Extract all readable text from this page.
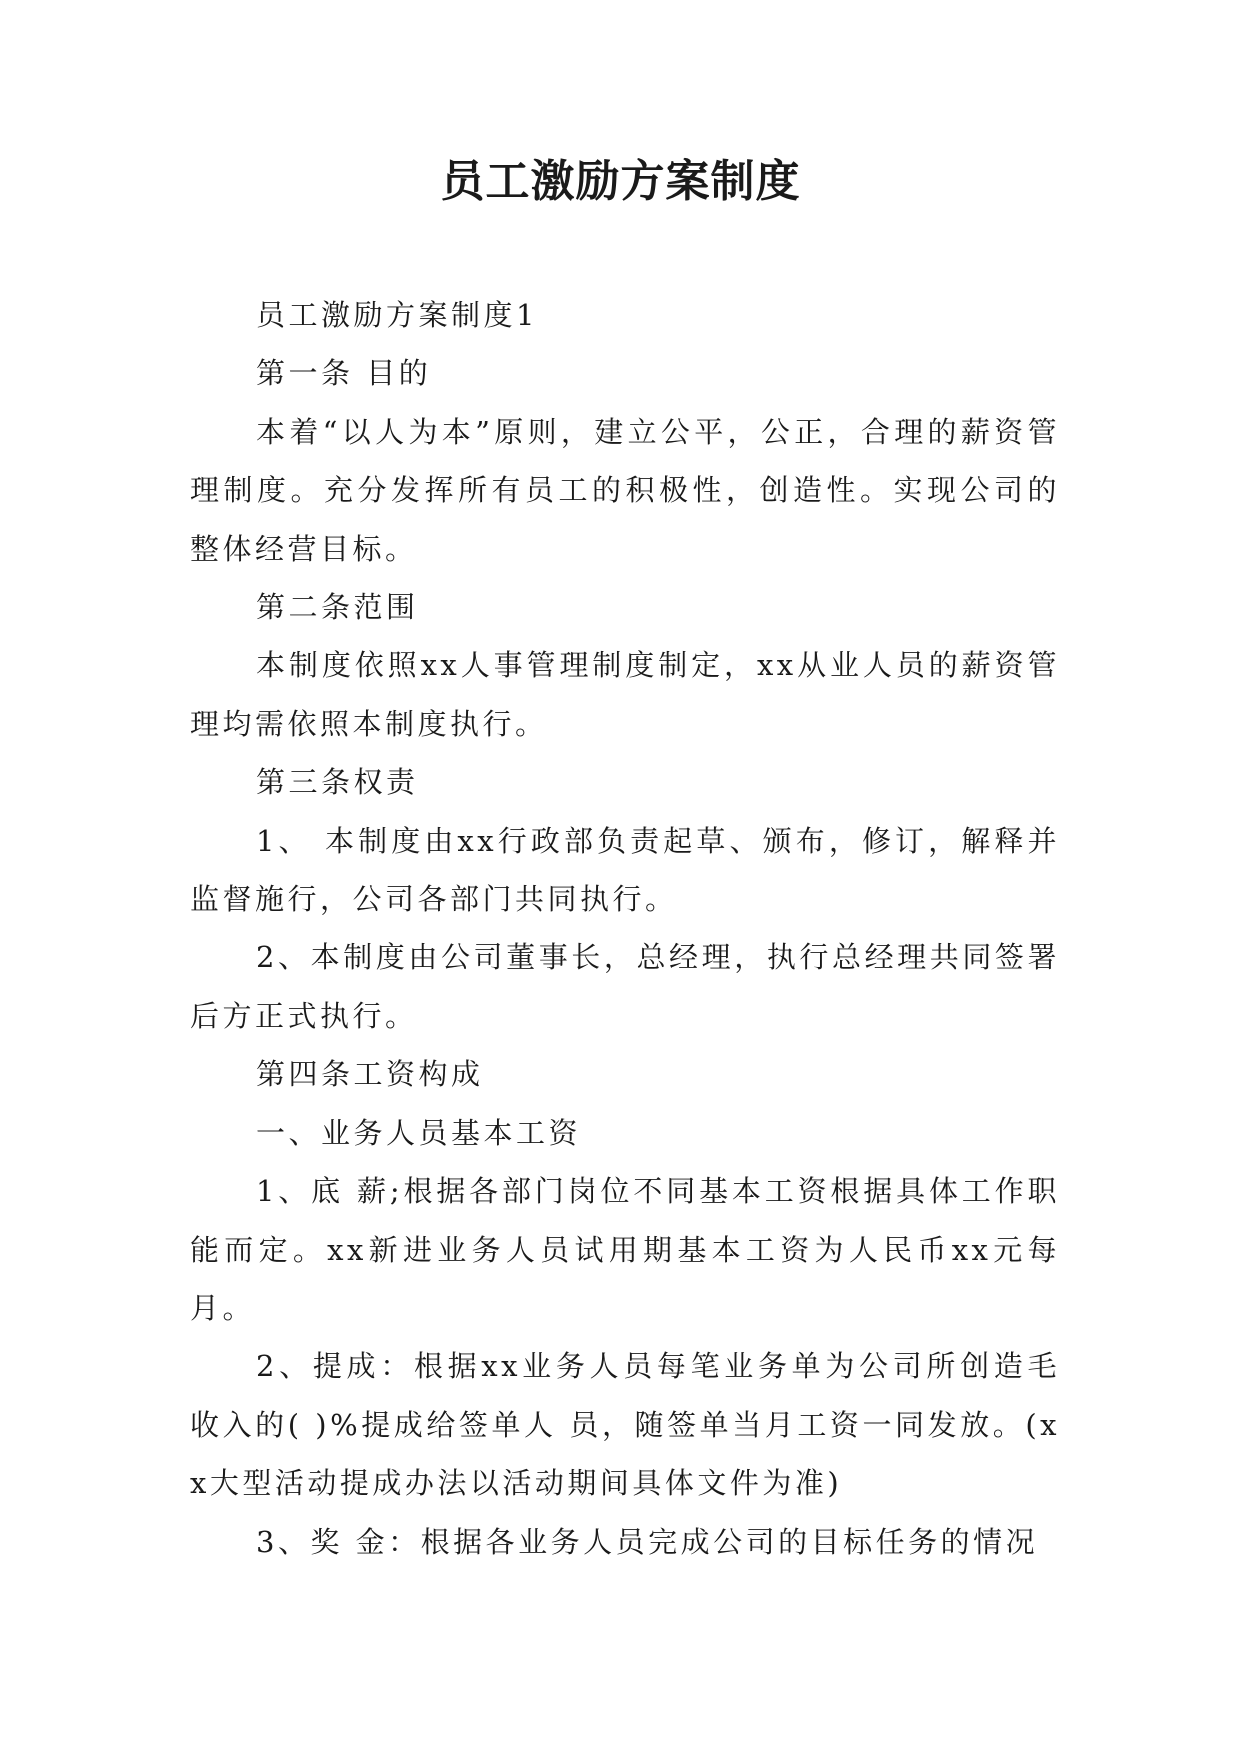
员工激励方案制度

员工激励方案制度1

第一条 目的

本着“以人为本”原则，建立公平，公正，合理的薪资管理制度。充分发挥所有员工的积极性，创造性。实现公司的整体经营目标。

第二条范围

本制度依照xx人事管理制度制定，xx从业人员的薪资管理均需依照本制度执行。

第三条权责

1、 本制度由xx行政部负责起草、颁布，修订，解释并监督施行，公司各部门共同执行。

2、本制度由公司董事长，总经理，执行总经理共同签署后方正式执行。

第四条工资构成

一、业务人员基本工资

1、底 薪;根据各部门岗位不同基本工资根据具体工作职能而定。xx新进业务人员试用期基本工资为人民币xx元每月。

2、提成：根据xx业务人员每笔业务单为公司所创造毛收入的( )%提成给签单人 员，随签单当月工资一同发放。(xx大型活动提成办法以活动期间具体文件为准)

3、奖 金：根据各业务人员完成公司的目标任务的情况
